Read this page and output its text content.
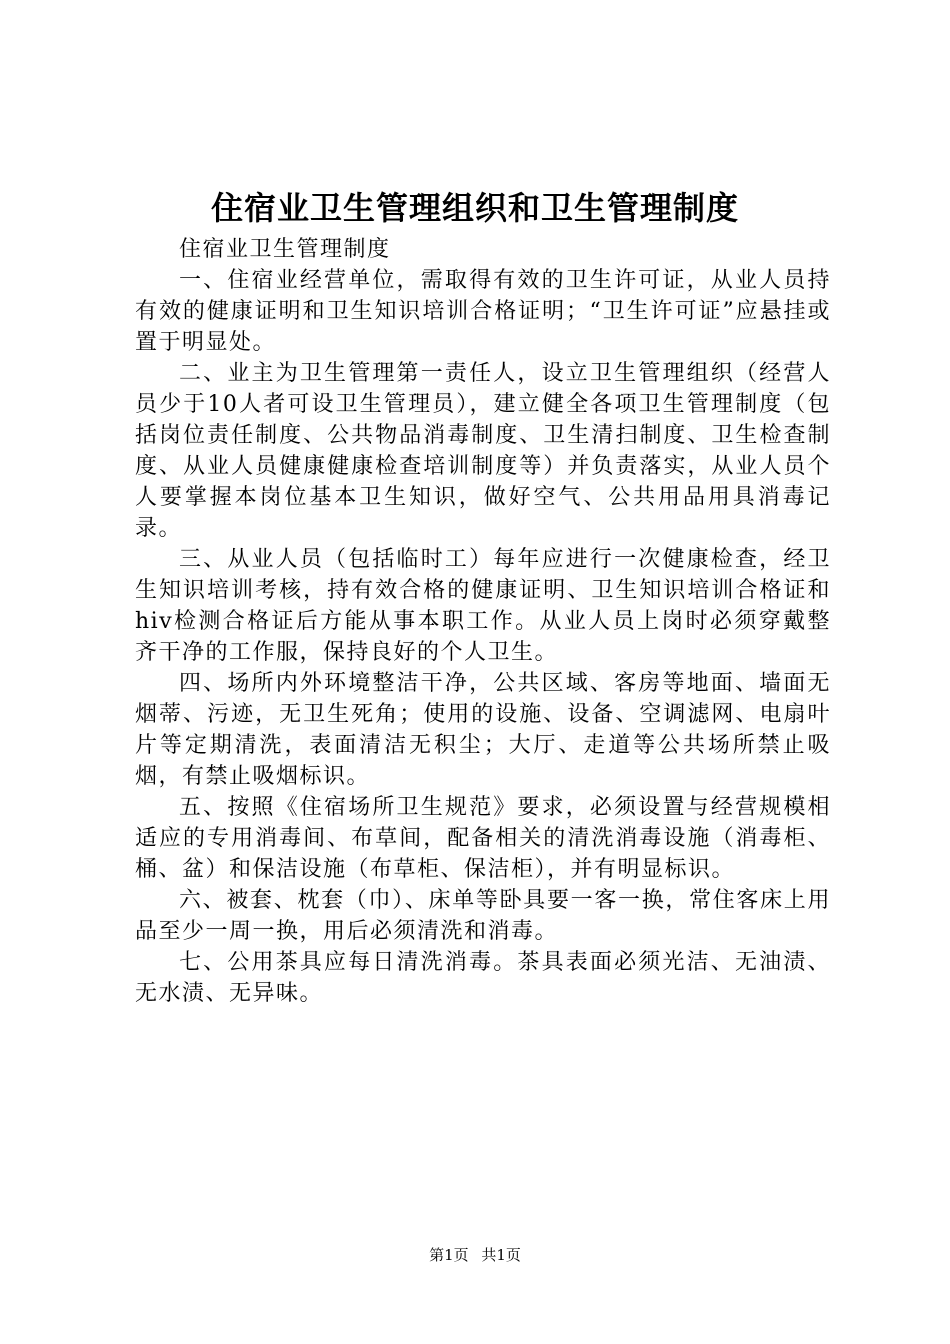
住宿业卫生管理组织和卫生管理制度

住宿业卫生管理制度

一、住宿业经营单位，需取得有效的卫生许可证，从业人员持有效的健康证明和卫生知识培训合格证明；“卫生许可证”应悬挂或置于明显处。

二、业主为卫生管理第一责任人，设立卫生管理组织（经营人员少于10人者可设卫生管理员），建立健全各项卫生管理制度（包括岗位责任制度、公共物品消毒制度、卫生清扫制度、卫生检查制度、从业人员健康健康检查培训制度等）并负责落实，从业人员个人要掌握本岗位基本卫生知识，做好空气、公共用品用具消毒记录。

三、从业人员（包括临时工）每年应进行一次健康检查，经卫生知识培训考核，持有效合格的健康证明、卫生知识培训合格证和hiv检测合格证后方能从事本职工作。从业人员上岗时必须穿戴整齐干净的工作服，保持良好的个人卫生。

四、场所内外环境整洁干净，公共区域、客房等地面、墙面无烟蒂、污迹，无卫生死角；使用的设施、设备、空调滤网、电扇叶片等定期清洗，表面清洁无积尘；大厅、走道等公共场所禁止吸烟，有禁止吸烟标识。

五、按照《住宿场所卫生规范》要求，必须设置与经营规模相适应的专用消毒间、布草间，配备相关的清洗消毒设施（消毒柜、桶、盆）和保洁设施（布草柜、保洁柜），并有明显标识。

六、被套、枕套（巾）、床单等卧具要一客一换，常住客床上用品至少一周一换，用后必须清洗和消毒。

七、公用茶具应每日清洗消毒。茶具表面必须光洁、无油渍、无水渍、无异味。

第1页 共1页
